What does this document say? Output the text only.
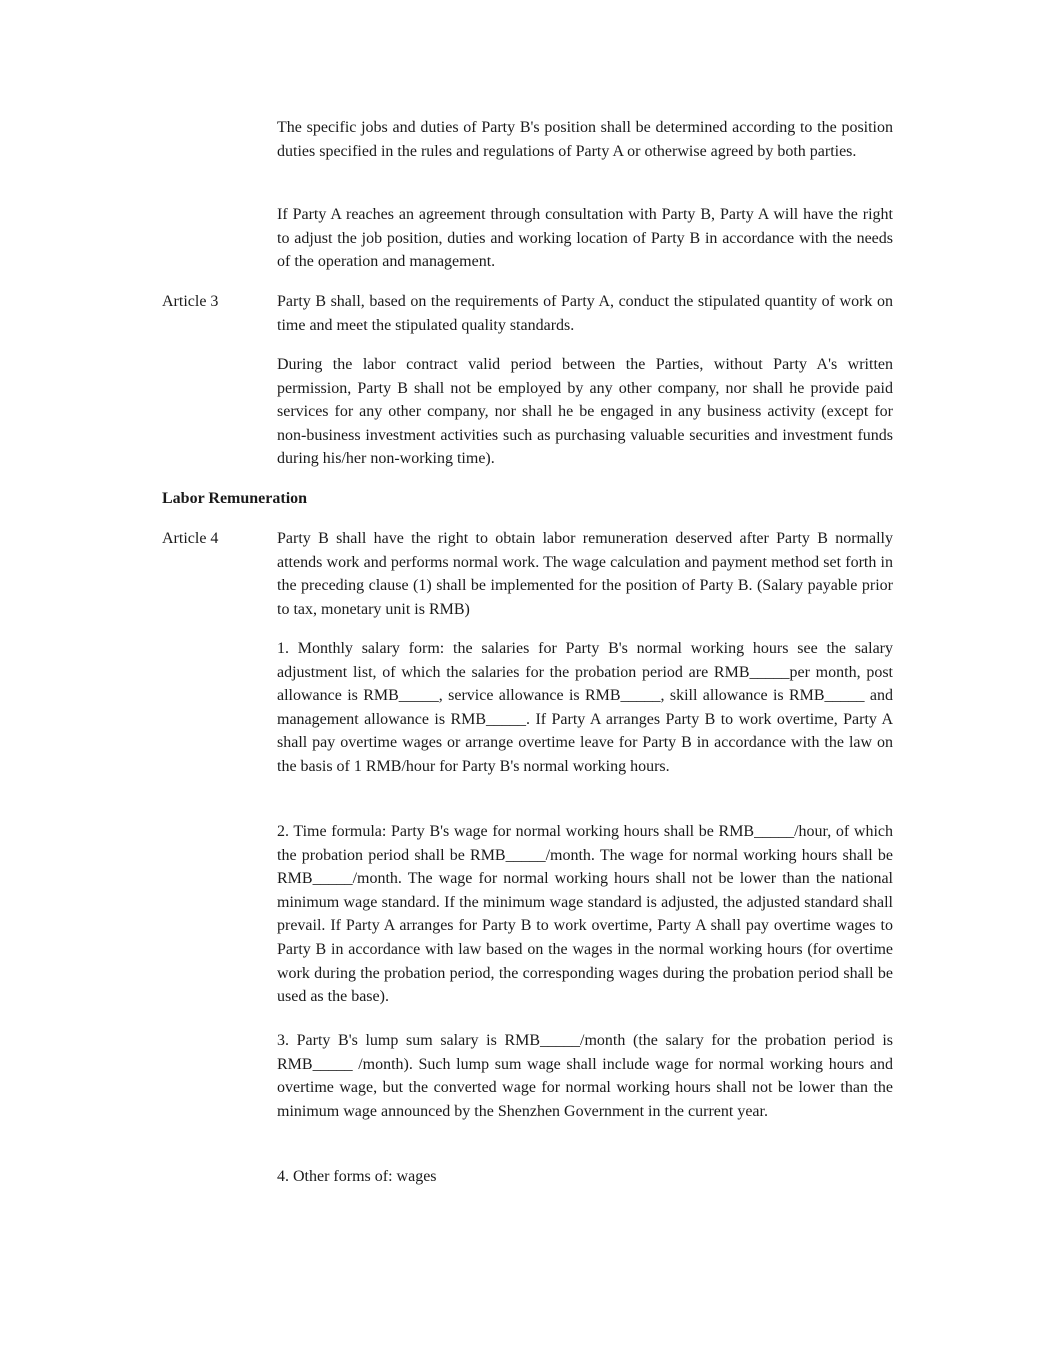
The specific jobs and duties of Party B's position shall be determined according to the position duties specified in the rules and regulations of Party A or otherwise agreed by both parties.

If Party A reaches an agreement through consultation with Party B, Party A will have the right to adjust the job position, duties and working location of Party B in accordance with the needs of the operation and management.

Article 3	Party B shall, based on the requirements of Party A, conduct the stipulated quantity of work on time and meet the stipulated quality standards.

During the labor contract valid period between the Parties, without Party A's written permission, Party B shall not be employed by any other company, nor shall he provide paid services for any other company, nor shall he be engaged in any business activity (except for non-business investment activities such as purchasing valuable securities and investment funds during his/her non-working time).

Labor Remuneration

Article 4	Party B shall have the right to obtain labor remuneration deserved after Party B normally attends work and performs normal work. The wage calculation and payment method set forth in the preceding clause (1) shall be implemented for the position of Party B. (Salary payable prior to tax, monetary unit is RMB)

1. Monthly salary form: the salaries for Party B's normal working hours see the salary adjustment list, of which the salaries for the probation period are RMB_____per month, post allowance is RMB_____, service allowance is RMB_____, skill allowance is RMB_____ and management allowance is RMB_____. If Party A arranges Party B to work overtime, Party A shall pay overtime wages or arrange overtime leave for Party B in accordance with the law on the basis of 1 RMB/hour for Party B's normal working hours.

2. Time formula: Party B's wage for normal working hours shall be RMB_____/hour, of which the probation period shall be RMB_____/month. The wage for normal working hours shall be RMB_____/month. The wage for normal working hours shall not be lower than the national minimum wage standard. If the minimum wage standard is adjusted, the adjusted standard shall prevail. If Party A arranges for Party B to work overtime, Party A shall pay overtime wages to Party B in accordance with law based on the wages in the normal working hours (for overtime work during the probation period, the corresponding wages during the probation period shall be used as the base).

3. Party B's lump sum salary is RMB_____/month (the salary for the probation period is RMB_____ /month). Such lump sum wage shall include wage for normal working hours and overtime wage, but the converted wage for normal working hours shall not be lower than the minimum wage announced by the Shenzhen Government in the current year.

4. Other forms of: wages
